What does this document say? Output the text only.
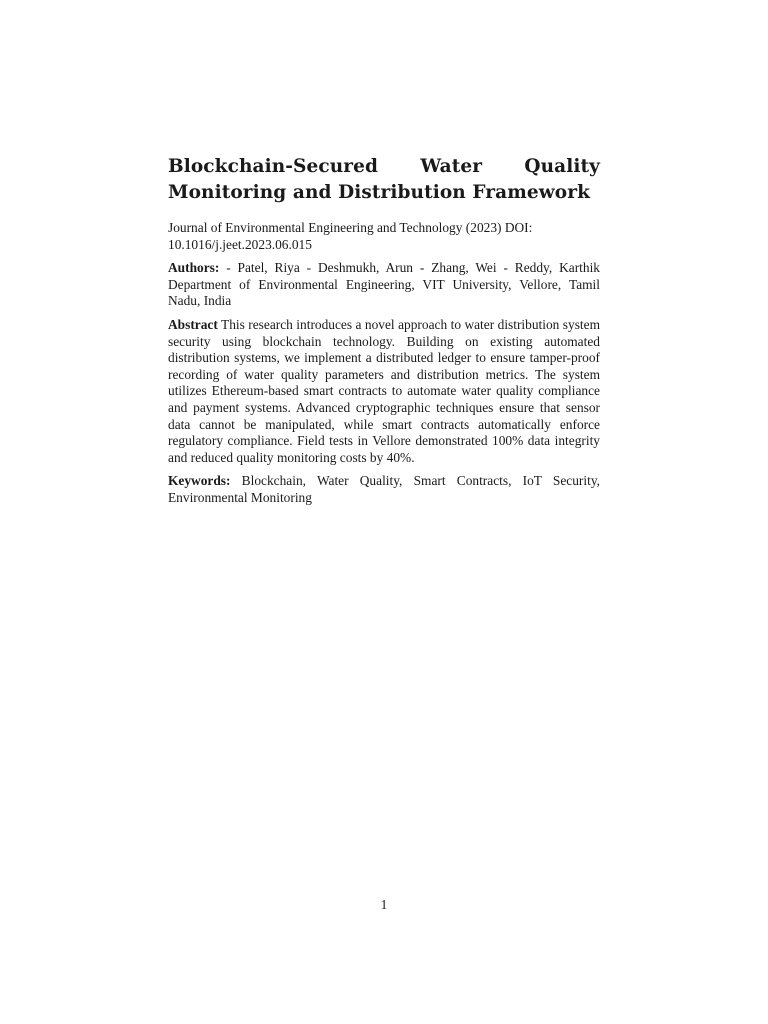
Blockchain-Secured Water Quality Monitoring and Distribution Framework

Journal of Environmental Engineering and Technology (2023) DOI:
10.1016/j.jeet.2023.06.015

Authors: - Patel, Riya - Deshmukh, Arun - Zhang, Wei - Reddy, Karthik Department of Environmental Engineering, VIT University, Vellore, Tamil Nadu, India

Abstract This research introduces a novel approach to water distribution system security using blockchain technology. Building on existing automated distribution systems, we implement a distributed ledger to ensure tamper-proof recording of water quality parameters and distribution metrics. The system utilizes Ethereum-based smart contracts to automate water quality compliance and payment systems. Advanced cryptographic techniques ensure that sensor data cannot be manipulated, while smart contracts automatically enforce regulatory compliance. Field tests in Vellore demonstrated 100% data integrity and reduced quality monitoring costs by 40%.

Keywords: Blockchain, Water Quality, Smart Contracts, IoT Security, Environmental Monitoring

1
